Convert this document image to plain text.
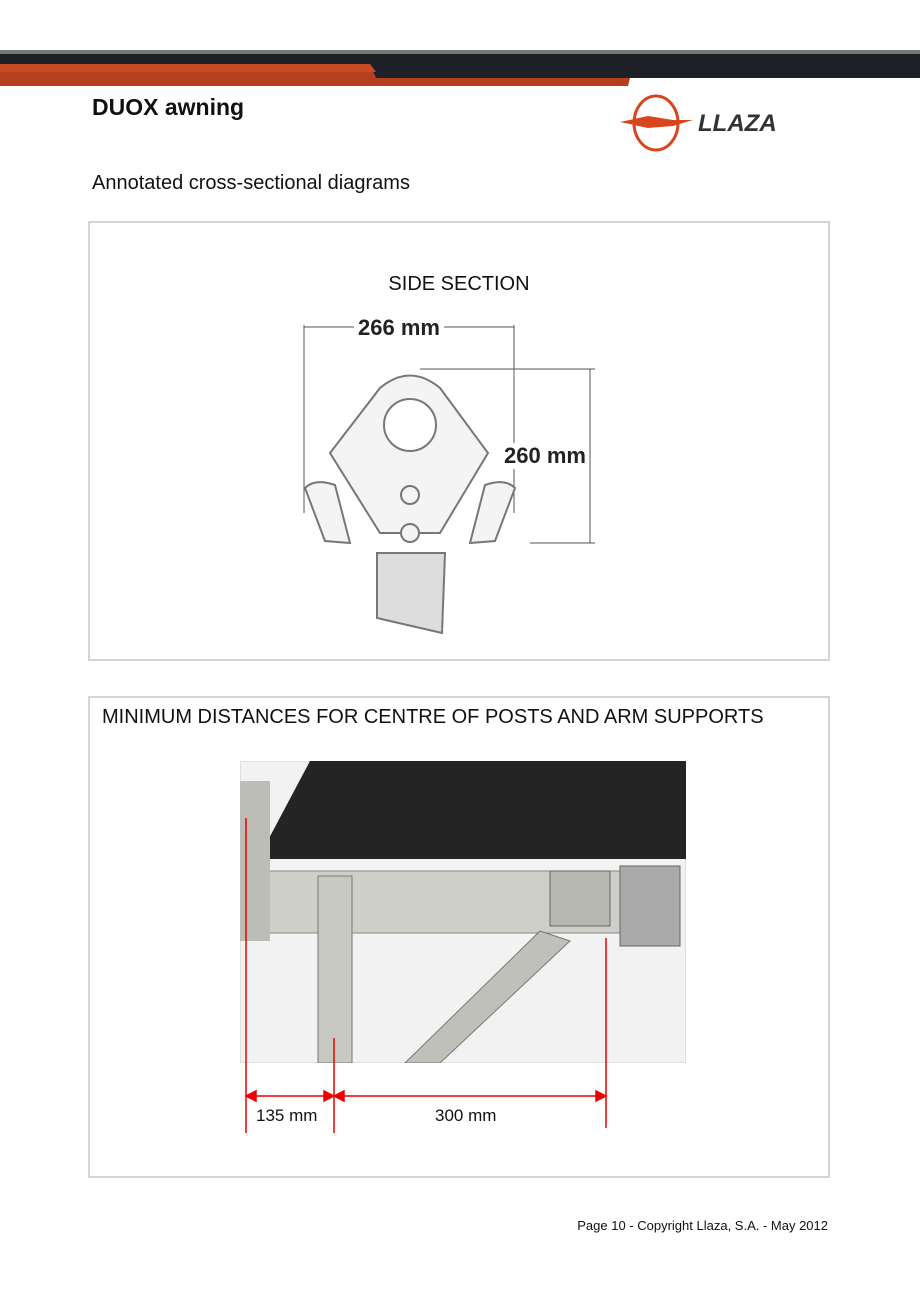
DUOX awning
LLAZA
Annotated cross-sectional diagrams
SIDE SECTION
266 mm
260 mm
MINIMUM DISTANCES FOR CENTRE OF POSTS AND ARM SUPPORTS
135 mm	300 mm
Page 10 - Copyright Llaza, S.A. - May 2012
